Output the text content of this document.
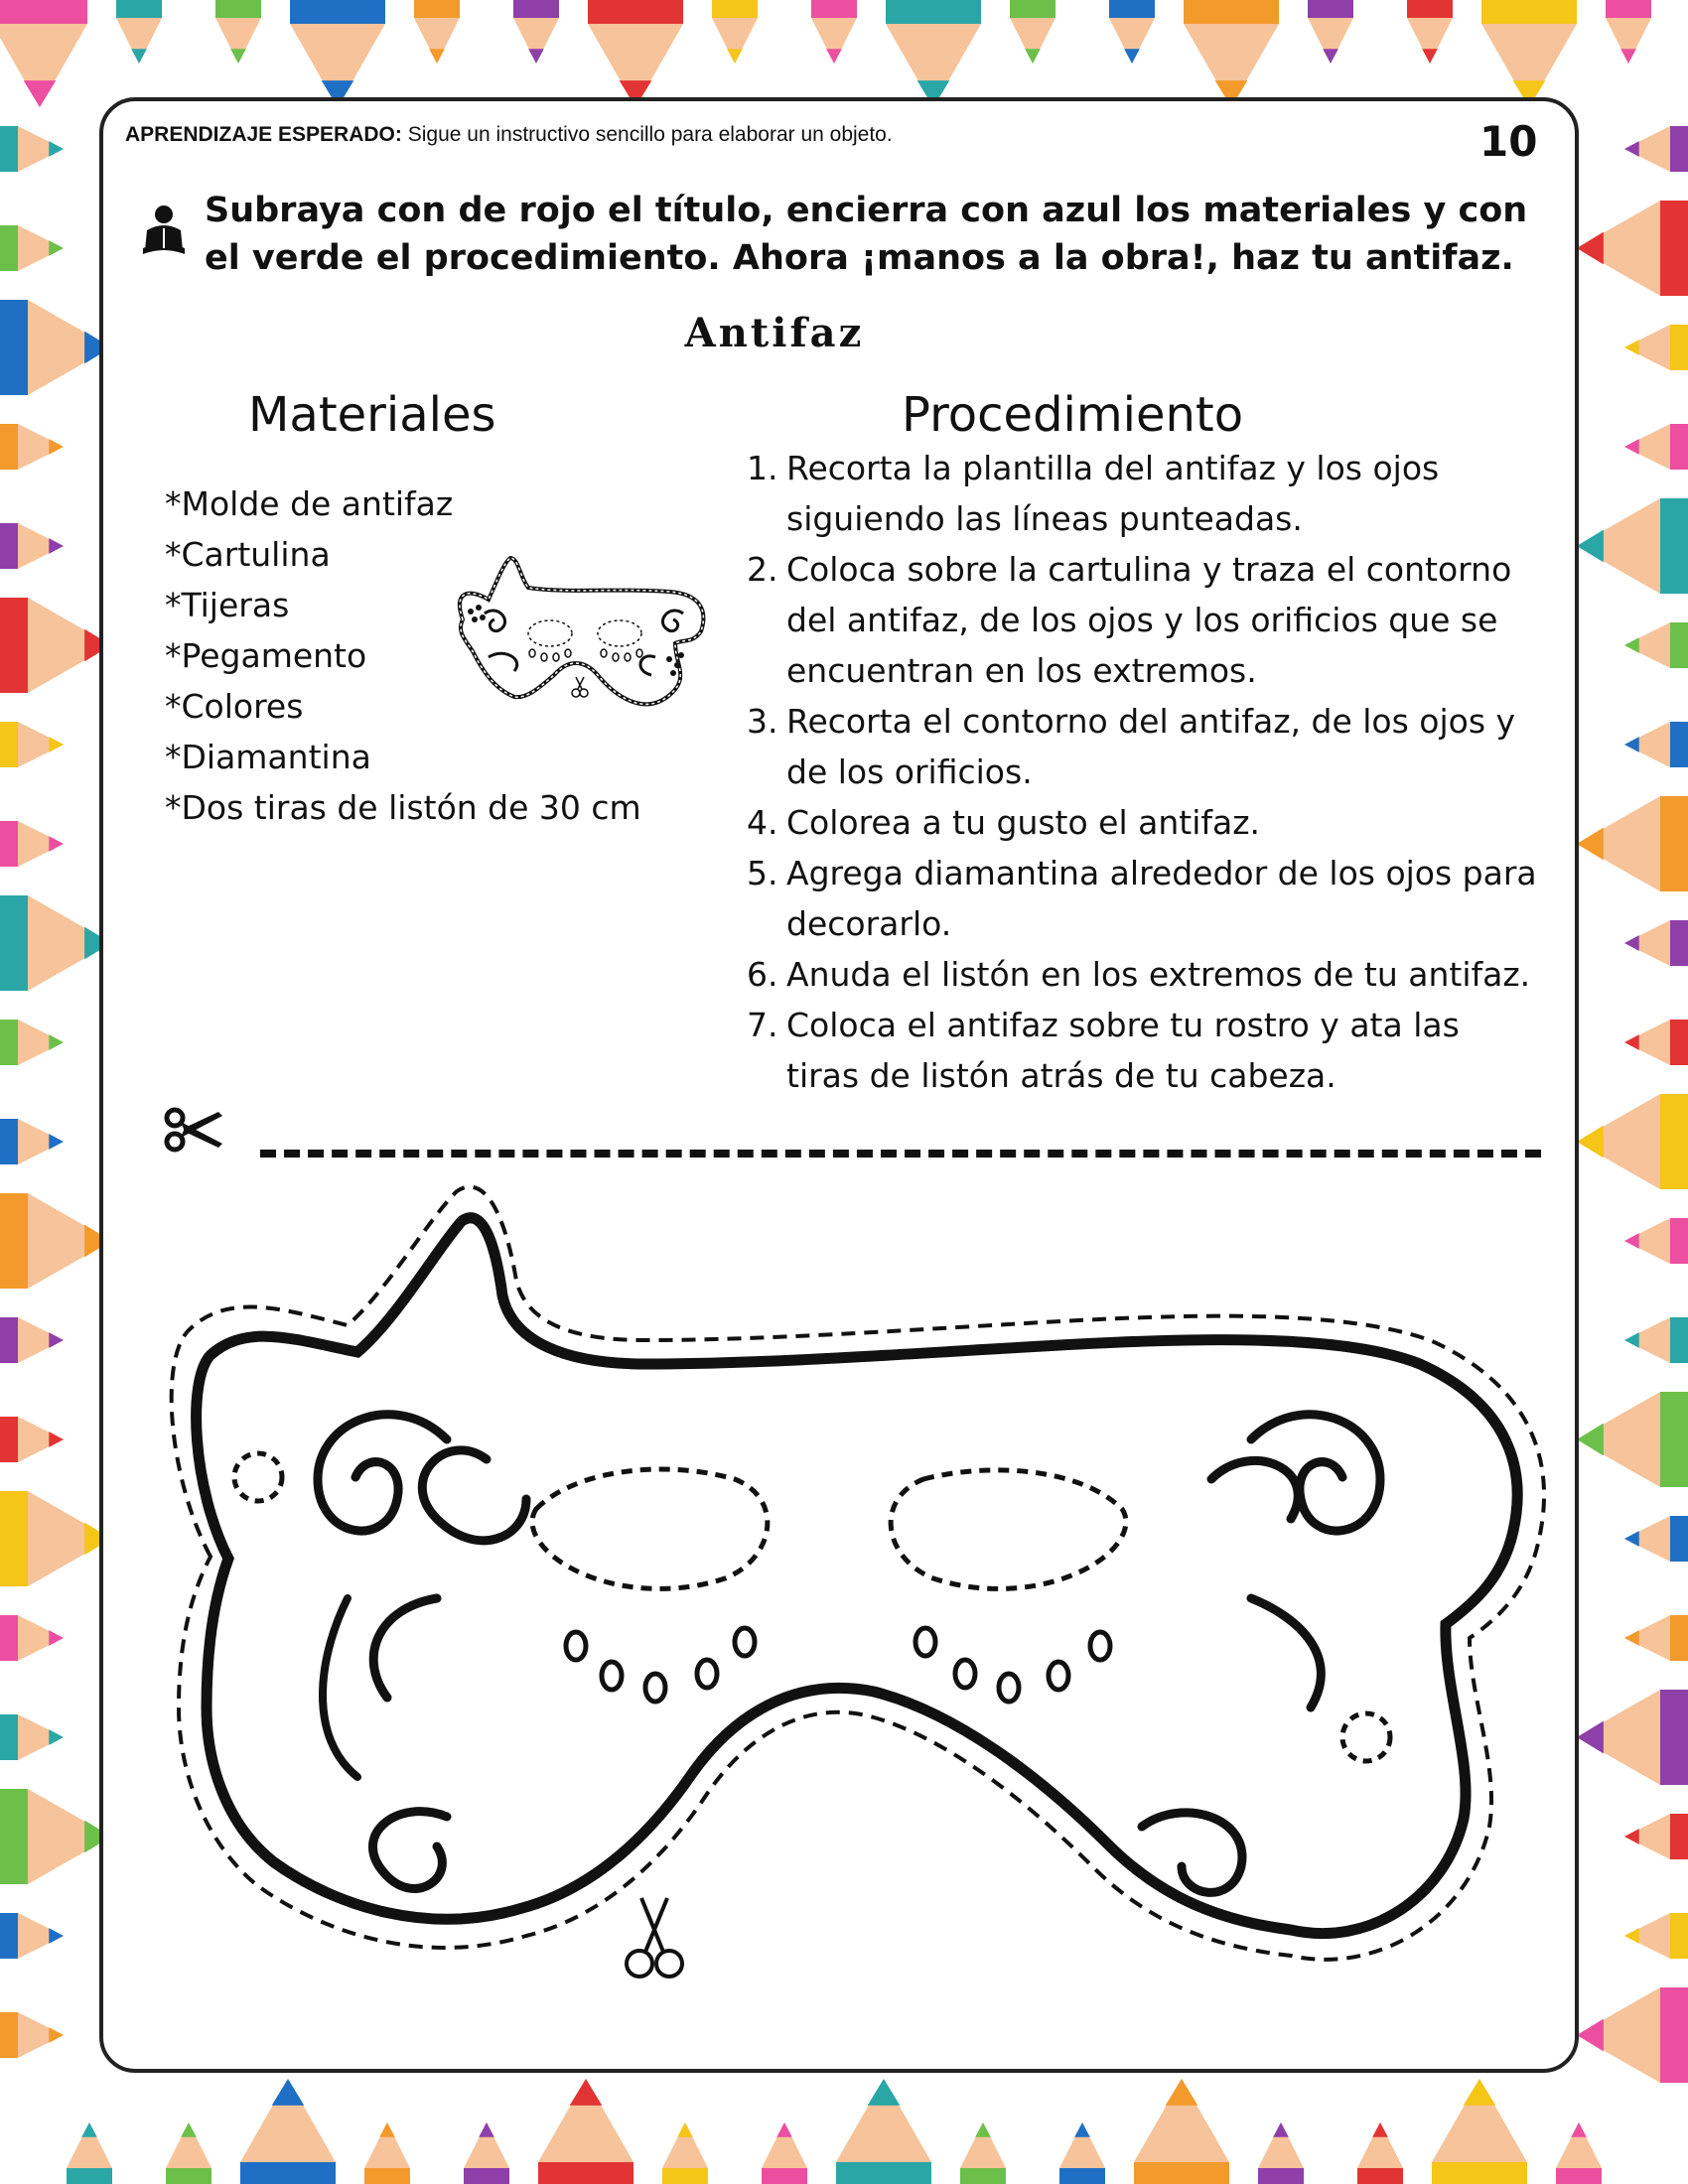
APRENDIZAJE ESPERADO: Sigue un instructivo sencillo para elaborar un objeto.	10
Subraya con de rojo el título, encierra con azul los materiales y con el verde el procedimiento. Ahora ¡manos a la obra!, haz tu antifaz.
Antifaz
Materiales	Procedimiento
*Molde de antifaz
*Cartulina
*Tijeras
*Pegamento
*Colores
*Diamantina
*Dos tiras de listón de 30 cm
1. Recorta la plantilla del antifaz y los ojos siguiendo las líneas punteadas.
2. Coloca sobre la cartulina y traza el contorno del antifaz, de los ojos y los orificios que se encuentran en los extremos.
3. Recorta el contorno del antifaz, de los ojos y de los orificios.
4. Colorea a tu gusto el antifaz.
5. Agrega diamantina alrededor de los ojos para decorarlo.
6. Anuda el listón en los extremos de tu antifaz.
7. Coloca el antifaz sobre tu rostro y ata las tiras de listón atrás de tu cabeza.
